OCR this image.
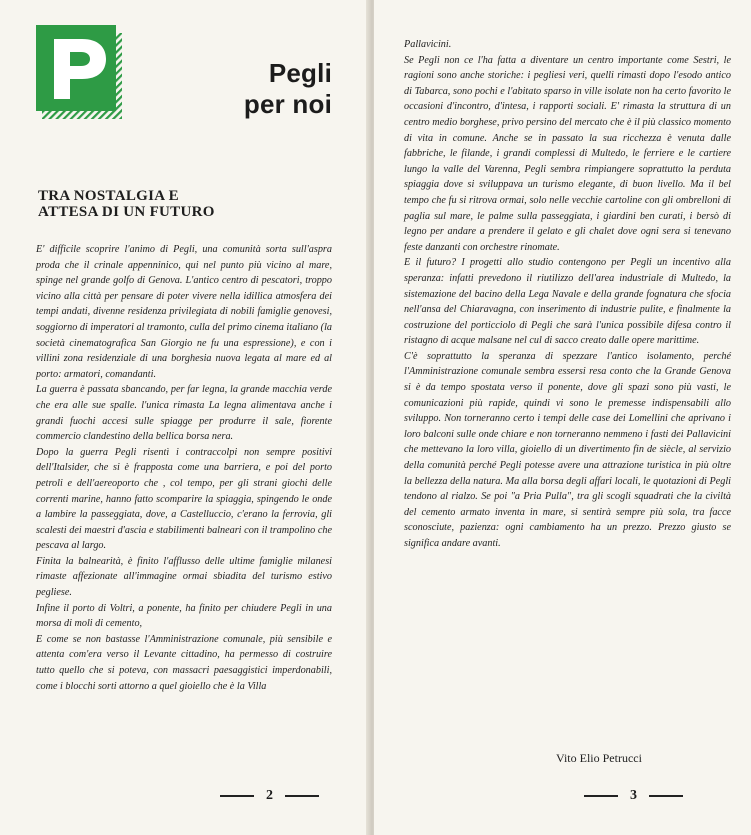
Pegli
per noi
TRA NOSTALGIA E
ATTESA DI UN FUTURO

E' difficile scoprire l'animo di Pegli, una comunità sorta sull'aspra proda che il crinale appenninico, qui nel punto più vicino al mare, spinge nel grande golfo di Genova. L'antico centro di pescatori, troppo vicino alla città per pensare di poter vivere nella idillica atmosfera dei tempi andati, divenne residenza privilegiata di nobili famiglie genovesi, soggiorno di imperatori al tramonto, culla del primo cinema italiano (la società cinematografica San Giorgio ne fu una espressione), e con i villini zona residenziale di una borghesia nuova legata al mare ed al porto: armatori, comandanti.

La guerra è passata sbancando, per far legna, la grande macchia verde che era alle sue spalle. l'unica rimasta La legna alimentava anche i grandi fuochi accesi sulle spiagge per produrre il sale, fiorente commercio clandestino della bellica borsa nera.

Dopo la guerra Pegli risentì i contraccolpi non sempre positivi dell'Italsider, che si è frapposta come una barriera, e poi del porto petroli e dell'aereoporto che , col tempo, per gli strani giochi delle correnti marine, hanno fatto scomparire la spiaggia, spingendo le onde a lambire la passeggiata, dove, a Castelluccio, c'erano la ferrovia, gli scalesti dei maestri d'ascia e stabilimenti balneari con il trampolino che pescava al largo.

Finita la balnearità, è finito l'afflusso delle ultime famiglie milanesi rimaste affezionate all'immagine ormai sbiadita del turismo estivo pegliese.

Infine il porto di Voltri, a ponente, ha finito per chiudere Pegli in una morsa di moli di cemento,

E come se non bastasse l'Amministrazione comunale, più sensibile e attenta com'era verso il Levante cittadino, ha permesso di costruire tutto quello che si poteva, con massacri paesaggistici imperdonabili, come i blocchi sorti attorno a quel gioiello che è la Villa

2

Pallavicini.

Se Pegli non ce l'ha fatta a diventare un centro importante come Sestri, le ragioni sono anche storiche: i pegliesi veri, quelli rimasti dopo l'esodo antico di Tabarca, sono pochi e l'abitato sparso in ville isolate non ha certo favorito le occasioni d'incontro, d'intesa, i rapporti sociali. E' rimasta la struttura di un centro medio borghese, privo persino del mercato che è il più classico momento di vita in comune. Anche se in passato la sua ricchezza è venuta dalle fabbriche, le filande, i grandi complessi di Multedo, le ferriere e le cartiere lungo la valle del Varenna, Pegli sembra rimpiangere soprattutto la perduta spiaggia dove si sviluppava un turismo elegante, di buon livello. Ma il bel tempo che fu si ritrova ormai, solo nelle vecchie cartoline con gli ombrelloni di paglia sul mare, le palme sulla passeggiata, i giardini ben curati, i bersò di legno per andare a prendere il gelato e gli chalet dove ogni sera si tenevano feste danzanti con orchestre rinomate.

E il futuro? I progetti allo studio contengono per Pegli un incentivo alla speranza: infatti prevedono il riutilizzo dell'area industriale di Multedo, la sistemazione del bacino della Lega Navale e della grande fognatura che sfocia nell'ansa del Chiaravagna, con inserimento di industrie pulite, e finalmente la costruzione del porticciolo di Pegli che sarà l'unica possibile difesa contro il ristagno di acque malsane nel cul di sacco creato dalle opere marittime.

C'è soprattutto la speranza di spezzare l'antico isolamento, perché l'Amministrazione comunale sembra essersi resa conto che la Grande Genova si è da tempo spostata verso il ponente, dove gli spazi sono più vasti, le comunicazioni più rapide, quindi vi sono le premesse indispensabili allo sviluppo. Non torneranno certo i tempi delle case dei Lomellini che aprivano i loro balconi sulle onde chiare e non torneranno nemmeno i fasti dei Pallavicini che mettevano la loro villa, gioiello di un divertimento fin de siècle, al servizio della comunità perché Pegli potesse avere una attrazione turistica in più oltre la bellezza della natura. Ma alla borsa degli affari locali, le quotazioni di Pegli tendono al rialzo. Se poi "a Pria Pulla", tra gli scogli squadrati che la civiltà del cemento armato inventa in mare, si sentirà sempre più sola, tra facce sconosciute, pazienza: ogni cambiamento ha un prezzo. Prezzo giusto se significa andare avanti.

Vito Elio Petrucci
3
